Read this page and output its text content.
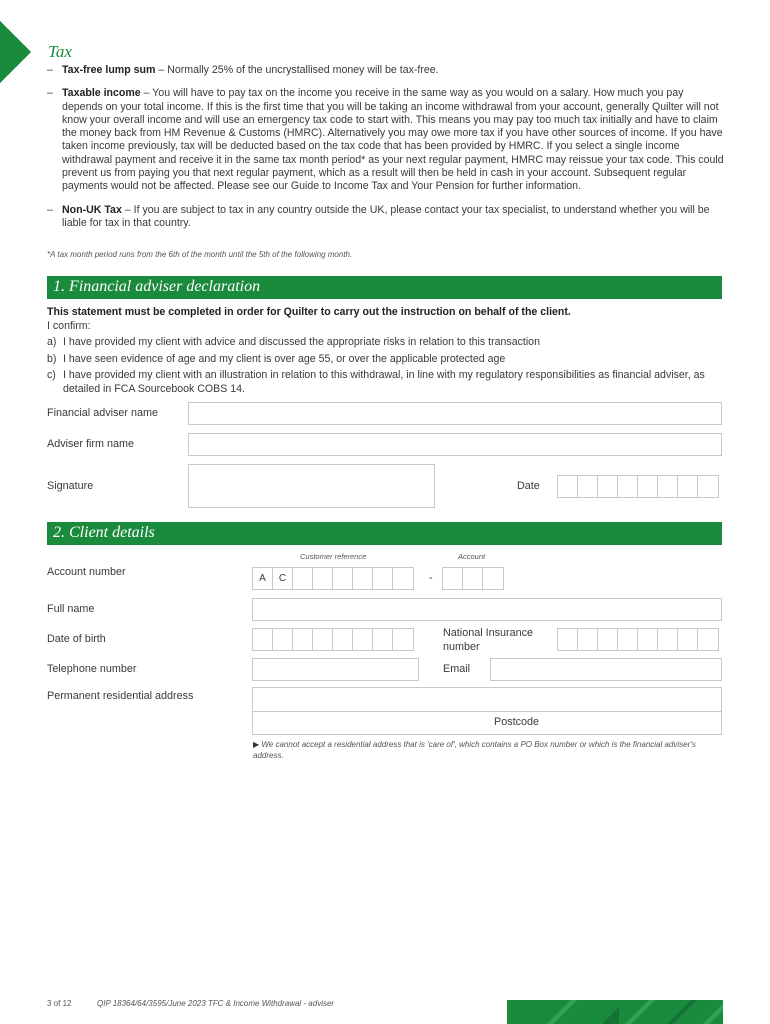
Tax
– Tax-free lump sum – Normally 25% of the uncrystallised money will be tax-free.
– Taxable income – You will have to pay tax on the income you receive in the same way as you would on a salary. How much you pay depends on your total income. If this is the first time that you will be taking an income withdrawal from your account, generally Quilter will not know your overall income and will use an emergency tax code to start with. This means you may pay too much tax initially and have to claim the money back from HM Revenue & Customs (HMRC). Alternatively you may owe more tax if you have other sources of income. If you have taken income previously, tax will be deducted based on the tax code that has been provided by HMRC. If you select a single income withdrawal payment and receive it in the same tax month period* as your next regular payment, HMRC may reissue your tax code. This could prevent us from paying you that next regular payment, which as a result will then be held in cash in your account. Subsequent regular payments would not be affected. Please see our Guide to Income Tax and Your Pension for further information.
– Non-UK Tax – If you are subject to tax in any country outside the UK, please contact your tax specialist, to understand whether you will be liable for tax in that country.
*A tax month period runs from the 6th of the month until the 5th of the following month.
1. Financial adviser declaration
This statement must be completed in order for Quilter to carry out the instruction on behalf of the client.
I confirm:
a) I have provided my client with advice and discussed the appropriate risks in relation to this transaction
b) I have seen evidence of age and my client is over age 55, or over the applicable protected age
c) I have provided my client with an illustration in relation to this withdrawal, in line with my regulatory responsibilities as financial adviser, as detailed in FCA Sourcebook COBS 14.
Financial adviser name
Adviser firm name
Signature	Date
2. Client details
Customer reference	Account
Account number
A	C	-
Full name
Date of birth	National Insurance number
Telephone number	Email
Permanent residential address
Postcode
▶ We cannot accept a residential address that is 'care of', which contains a PO Box number or which is the financial adviser's address.
3 of 12	QIP 18364/64/3595/June 2023 TFC & Income Withdrawal - adviser
